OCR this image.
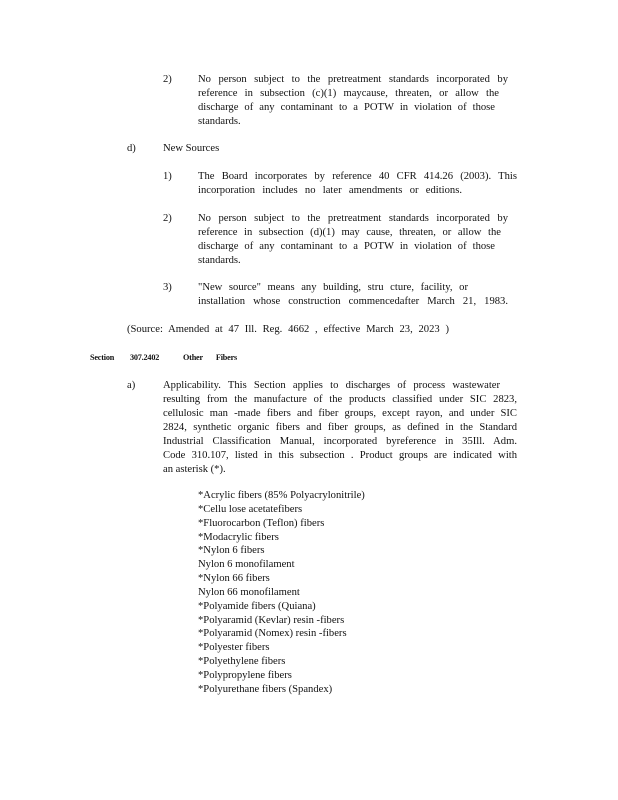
2) No person subject to the pretreatment standards incorporated by
reference in subsection (c)(1) maycause, threaten, or allow the
discharge of any contaminant to a POTW in violation of those
standards.
d)	New Sources
1) The Board incorporates by reference 40 CFR 414.26 (2003). This
incorporation includes no later amendments or editions.
2) No person subject to the pretreatment standards incorporated by
reference in subsection (d)(1) may cause, threaten, or allow the
discharge of any contaminant to a POTW in violation of those
standards.
3) "New source" means any building, stru cture, facility, or
installation whose construction commencedafter March 21, 1983.
(Source: Amended at 47 Ill. Reg. 4662 , effective March 23, 2023 )
Section 307.2402	Other Fibers
a)	Applicability. This Section applies to discharges of process wastewater
resulting from the manufacture of the products classified under SIC 2823,
cellulosic man -made fibers and fiber groups, except rayon, and under SIC
2824, synthetic organic fibers and fiber groups, as defined in the Standard
Industrial Classification Manual, incorporated byreference in 35Ill. Adm.
Code 310.107, listed in this subsection . Product groups are indicated with
an asterisk (*).
*Acrylic fibers (85% Polyacrylonitrile)
*Cellu lose acetatefibers
*Fluorocarbon (Teflon) fibers
*Modacrylic fibers
*Nylon 6 fibers
Nylon 6 monofilament
*Nylon 66 fibers
Nylon 66 monofilament
*Polyamide fibers (Quiana)
*Polyaramid (Kevlar) resin -fibers
*Polyaramid (Nomex) resin -fibers
*Polyester fibers
*Polyethylene fibers
*Polypropylene fibers
*Polyurethane fibers (Spandex)
